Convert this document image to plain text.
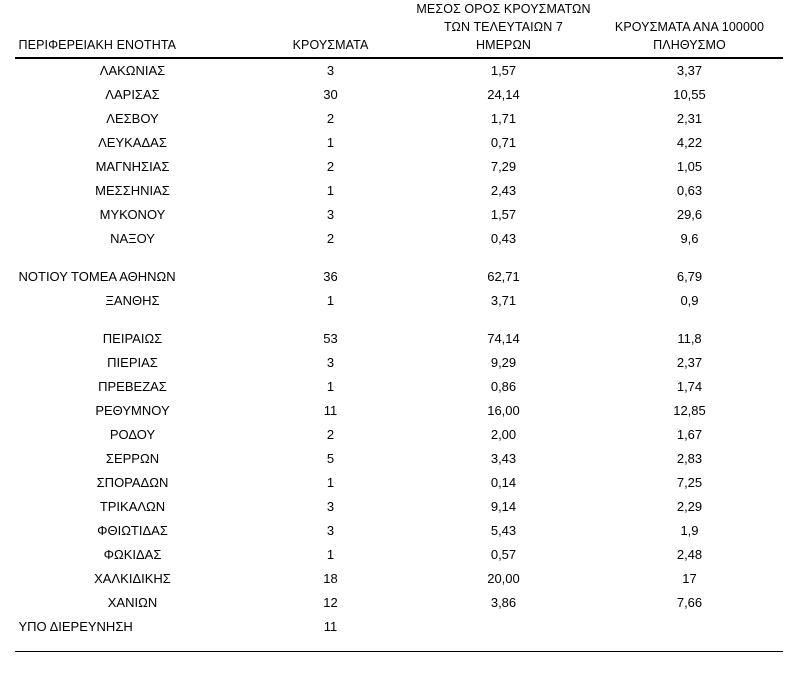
ΠΕΡΙΦΕΡΕΙΑΚΗ ΕΝΟΤΗΤΑ	ΚΡΟΥΣΜΑΤΑ	ΜΕΣΟΣ ΟΡΟΣ ΚΡΟΥΣΜΑΤΩΝ
ΤΩΝ ΤΕΛΕΥΤΑΙΩΝ 7
ΗΜΕΡΩΝ	ΚΡΟΥΣΜΑΤΑ ΑΝΑ 100000
ΠΛΗΘΥΣΜΟ

ΛΑΚΩΝΙΑΣ	3	1,57	3,37
ΛΑΡΙΣΑΣ	30	24,14	10,55
ΛΕΣΒΟΥ	2	1,71	2,31
ΛΕΥΚΑΔΑΣ	1	0,71	4,22
ΜΑΓΝΗΣΙΑΣ	2	7,29	1,05
ΜΕΣΣΗΝΙΑΣ	1	2,43	0,63
ΜΥΚΟΝΟΥ	3	1,57	29,6
ΝΑΞΟΥ	2	0,43	9,6

ΝΟΤΙΟΥ ΤΟΜΕΑ ΑΘΗΝΩΝ	36	62,71	6,79
ΞΑΝΘΗΣ	1	3,71	0,9

ΠΕΙΡΑΙΩΣ	53	74,14	11,8
ΠΙΕΡΙΑΣ	3	9,29	2,37
ΠΡΕΒΕΖΑΣ	1	0,86	1,74
ΡΕΘΥΜΝΟΥ	11	16,00	12,85
ΡΟΔΟΥ	2	2,00	1,67
ΣΕΡΡΩΝ	5	3,43	2,83
ΣΠΟΡΑΔΩΝ	1	0,14	7,25
ΤΡΙΚΑΛΩΝ	3	9,14	2,29
ΦΘΙΩΤΙΔΑΣ	3	5,43	1,9
ΦΩΚΙΔΑΣ	1	0,57	2,48
ΧΑΛΚΙΔΙΚΗΣ	18	20,00	17
ΧΑΝΙΩΝ	12	3,86	7,66
ΥΠΟ ΔΙΕΡΕΥΝΗΣΗ	11		
